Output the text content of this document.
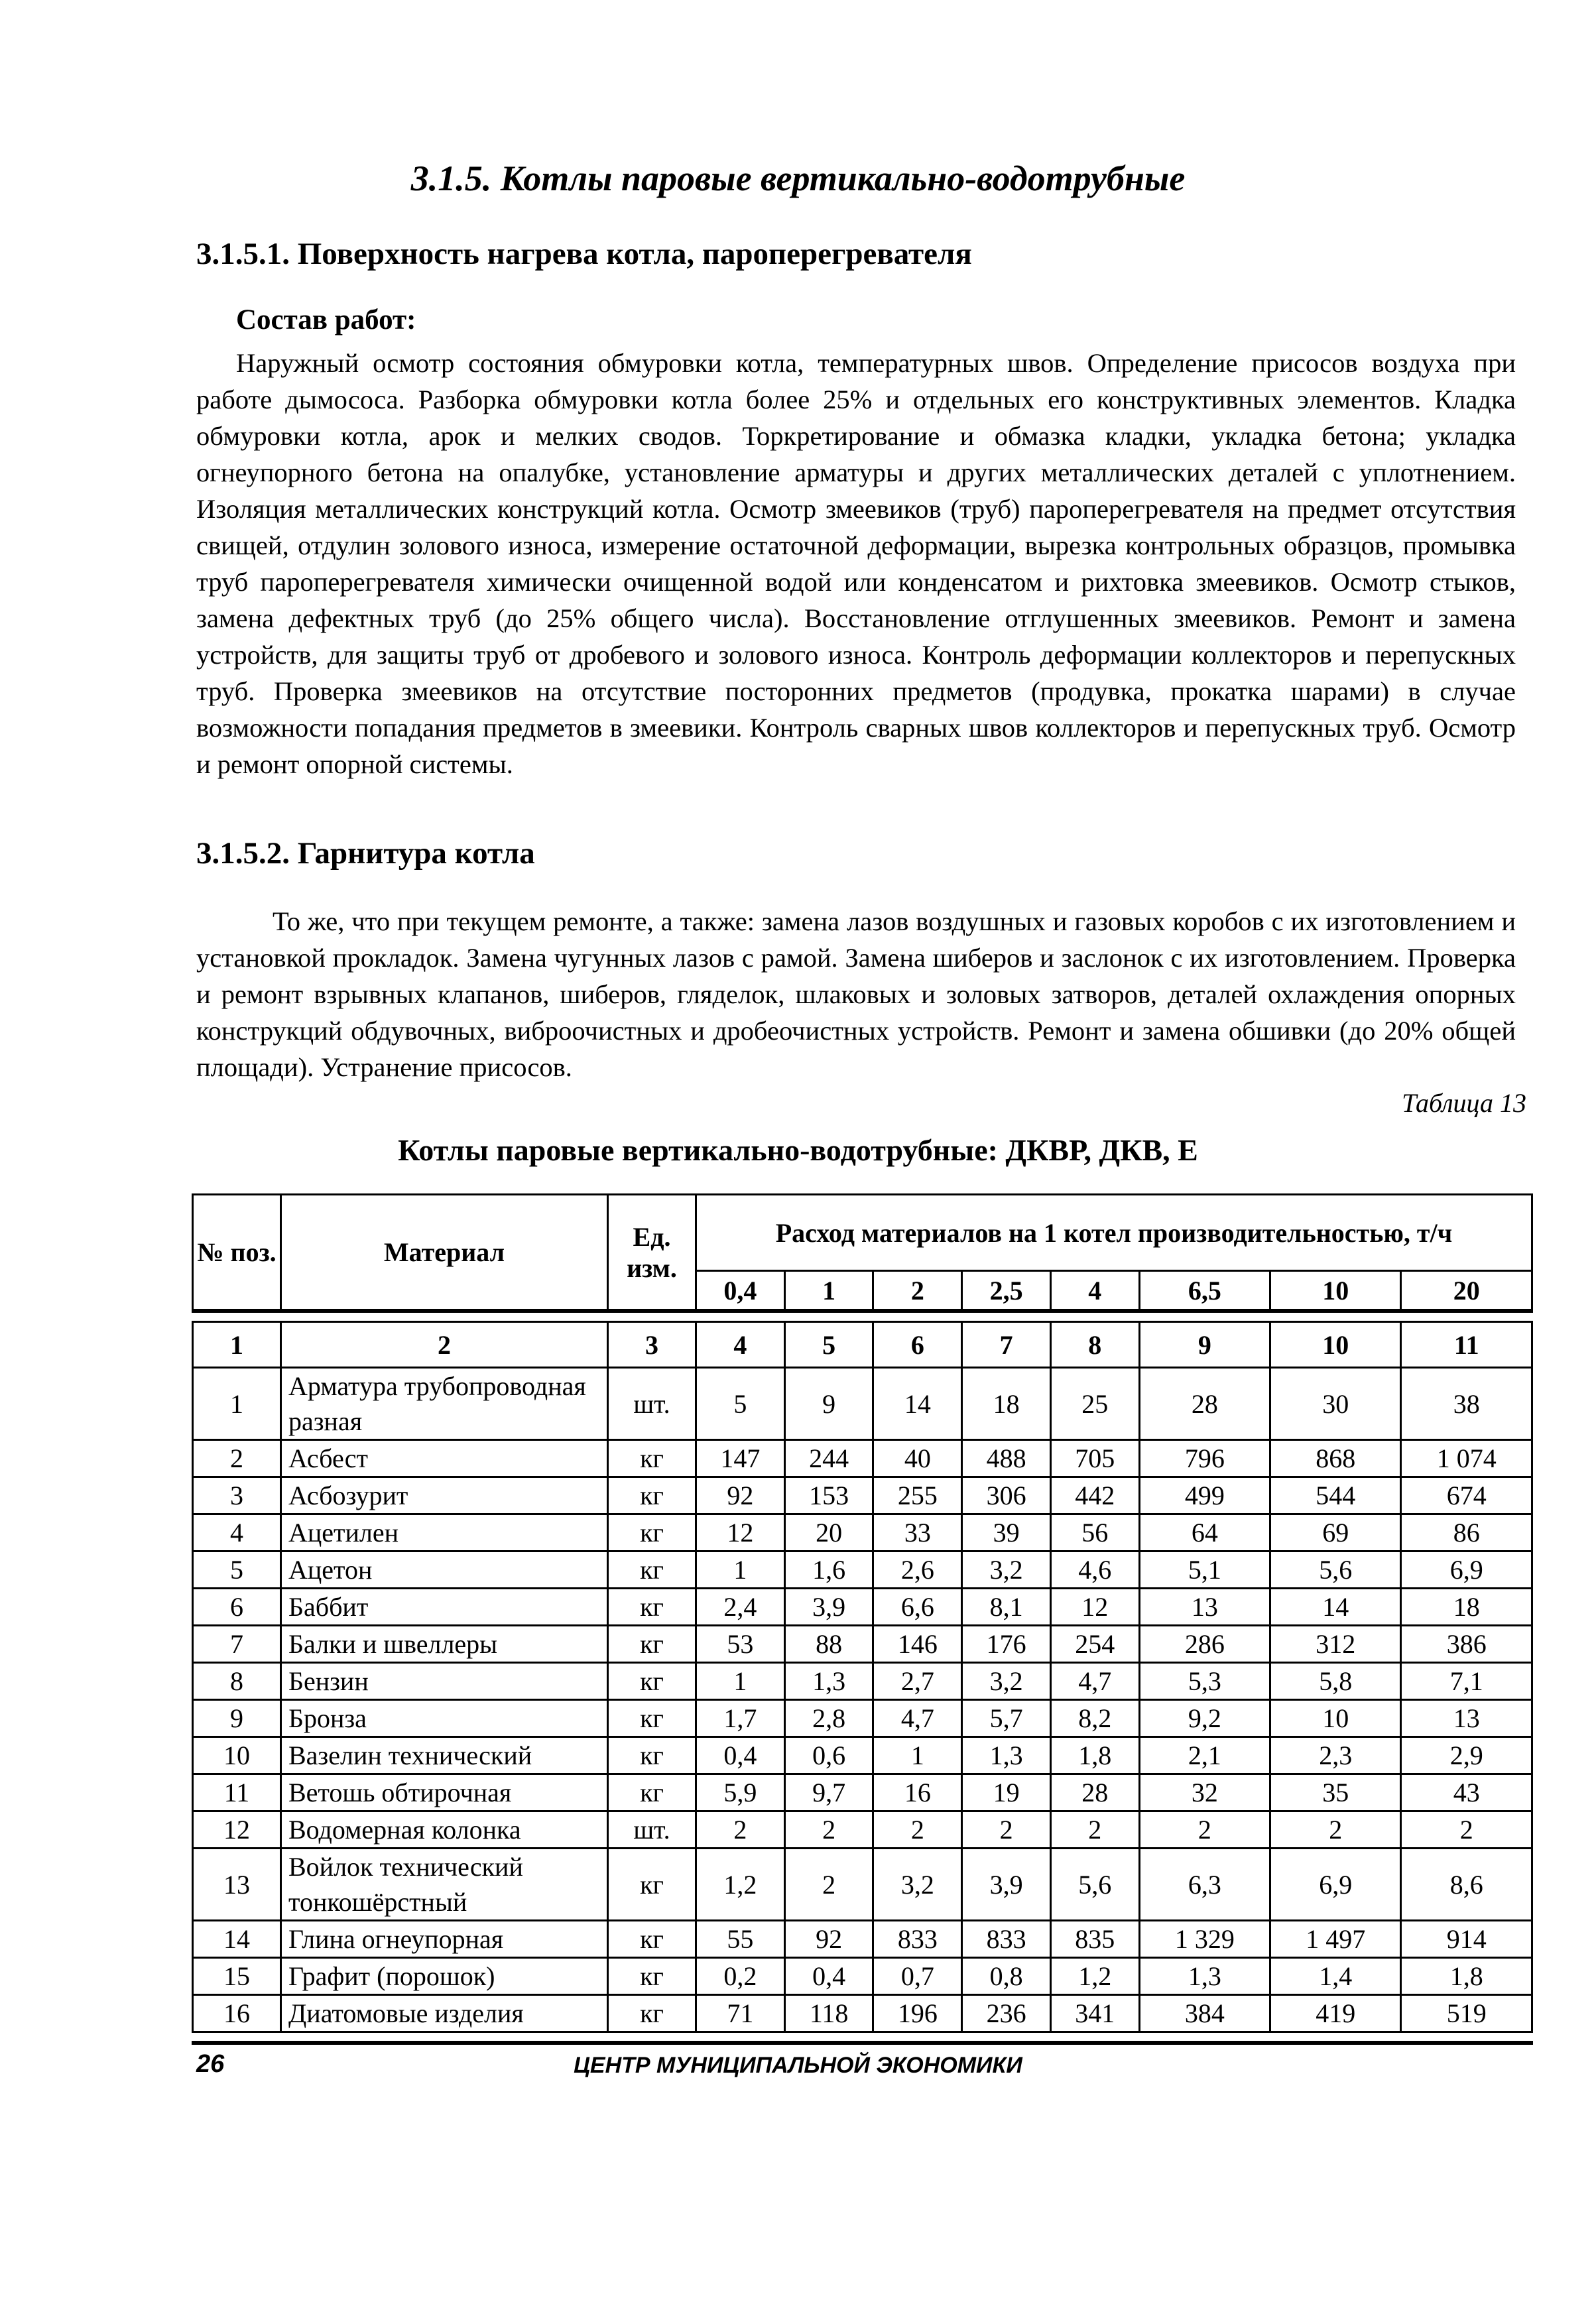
3.1.5. Котлы паровые вертикально-водотрубные
3.1.5.1. Поверхность нагрева котла, пароперегревателя
Состав работ:
Наружный осмотр состояния обмуровки котла, температурных швов. Определение присосов воздуха при работе дымососа. Разборка обмуровки котла более 25% и отдельных его конструктивных элементов. Кладка обмуровки котла, арок и мелких сводов. Торкретирование и обмазка кладки, укладка бетона; укладка огнеупорного бетона на опалубке, установление арматуры и других металлических деталей с уплотнением. Изоляция металлических конструкций котла. Осмотр змеевиков (труб) пароперегревателя на предмет отсутствия свищей, отдулин золового износа, измерение остаточной деформации, вырезка контрольных образцов, промывка труб пароперегревателя химически очищенной водой или конденсатом и рихтовка змеевиков. Осмотр стыков, замена дефектных труб (до 25% общего числа). Восстановление отглушенных змеевиков. Ремонт и замена устройств, для защиты труб от дробевого и золового износа. Контроль деформации коллекторов и перепускных труб. Проверка змеевиков на отсутствие посторонних предметов (продувка, прокатка шарами) в случае возможности попадания предметов в змеевики. Контроль сварных швов коллекторов и перепускных труб. Осмотр и ремонт опорной системы.
3.1.5.2. Гарнитура котла
То же, что при текущем ремонте, а также: замена лазов воздушных и газовых коробов с их изготовлением и установкой прокладок. Замена чугунных лазов с рамой. Замена шиберов и заслонок с их изготовлением. Проверка и ремонт взрывных клапанов, шиберов, гляделок, шлаковых и золовых затворов, деталей охлаждения опорных конструкций обдувочных, виброочистных и дробеочистных устройств. Ремонт и замена обшивки (до 20% общей площади). Устранение присосов.
Таблица 13
Котлы паровые вертикально-водотрубные: ДКВР, ДКВ, Е
№ поз.	Материал	Ед. изм.	Расход материалов на 1 котел производительностью, т/ч							

			0,4	1	2	2,5	4	6,5	10	20

1	2	3	4	5	6	7	8	9	10	11
1	Арматура трубопроводная разная	шт.	5	9	14	18	25	28	30	38
2	Асбест	кг	147	244	40	488	705	796	868	1 074
3	Асбозурит	кг	92	153	255	306	442	499	544	674
4	Ацетилен	кг	12	20	33	39	56	64	69	86
5	Ацетон	кг	1	1,6	2,6	3,2	4,6	5,1	5,6	6,9
6	Баббит	кг	2,4	3,9	6,6	8,1	12	13	14	18
7	Балки и швеллеры	кг	53	88	146	176	254	286	312	386
8	Бензин	кг	1	1,3	2,7	3,2	4,7	5,3	5,8	7,1
9	Бронза	кг	1,7	2,8	4,7	5,7	8,2	9,2	10	13
10	Вазелин технический	кг	0,4	0,6	1	1,3	1,8	2,1	2,3	2,9
11	Ветошь обтирочная	кг	5,9	9,7	16	19	28	32	35	43
12	Водомерная колонка	шт.	2	2	2	2	2	2	2	2
13	Войлок технический тонкошёрстный	кг	1,2	2	3,2	3,9	5,6	6,3	6,9	8,6
14	Глина огнеупорная	кг	55	92	833	833	835	1 329	1 497	914
15	Графит (порошок)	кг	0,2	0,4	0,7	0,8	1,2	1,3	1,4	1,8
16	Диатомовые изделия	кг	71	118	196	236	341	384	419	519
26	ЦЕНТР МУНИЦИПАЛЬНОЙ ЭКОНОМИКИ
